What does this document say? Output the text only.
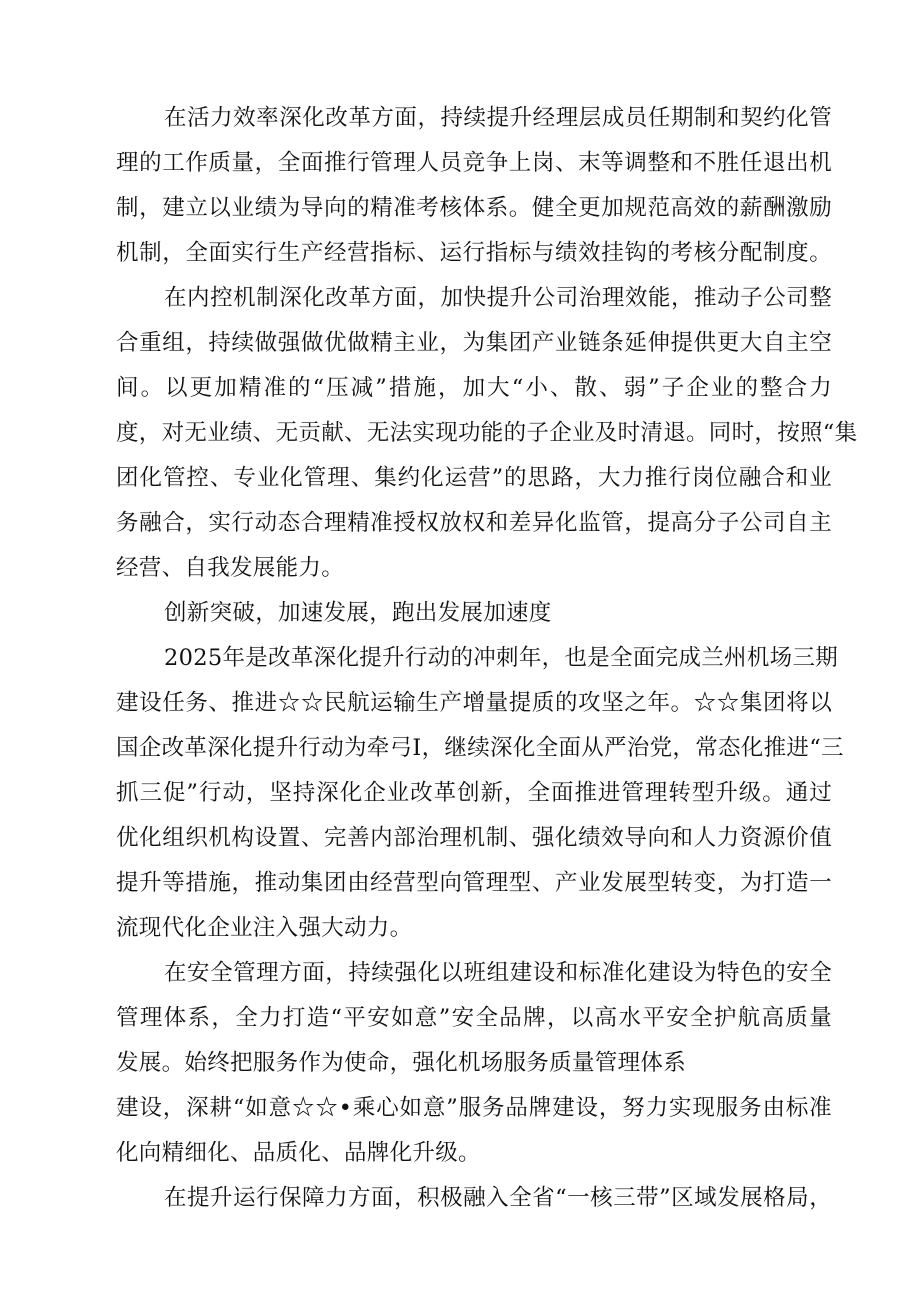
在活力效率深化改革方面，持续提升经理层成员任期制和契约化管
理的工作质量，全面推行管理人员竞争上岗、末等调整和不胜任退出机
制，建立以业绩为导向的精准考核体系。健全更加规范高效的薪酬激励
机制，全面实行生产经营指标、运行指标与绩效挂钩的考核分配制度。
在内控机制深化改革方面，加快提升公司治理效能，推动子公司整
合重组，持续做强做优做精主业，为集团产业链条延伸提供更大自主空
间。以更加精准的“压减”措施，加大“小、散、弱”子企业的整合力
度，对无业绩、无贡献、无法实现功能的子企业及时清退。同时，按照“集
团化管控、专业化管理、集约化运营”的思路，大力推行岗位融合和业
务融合，实行动态合理精准授权放权和差异化监管，提高分子公司自主
经营、自我发展能力。
创新突破，加速发展，跑出发展加速度
2025年是改革深化提升行动的冲刺年，也是全面完成兰州机场三期
建设任务、推进☆☆民航运输生产增量提质的攻坚之年。☆☆集团将以
国企改革深化提升行动为牵弓I，继续深化全面从严治党，常态化推进“三
抓三促”行动，坚持深化企业改革创新，全面推进管理转型升级。通过
优化组织机构设置、完善内部治理机制、强化绩效导向和人力资源价值
提升等措施，推动集团由经营型向管理型、产业发展型转变，为打造一
流现代化企业注入强大动力。
在安全管理方面，持续强化以班组建设和标准化建设为特色的安全
管理体系，全力打造“平安如意”安全品牌，以高水平安全护航高质量
发展。始终把服务作为使命，强化机场服务质量管理体系
建设，深耕“如意☆☆•乘心如意”服务品牌建设，努力实现服务由标准
化向精细化、品质化、品牌化升级。
在提升运行保障力方面，积极融入全省“一核三带”区域发展格局，
